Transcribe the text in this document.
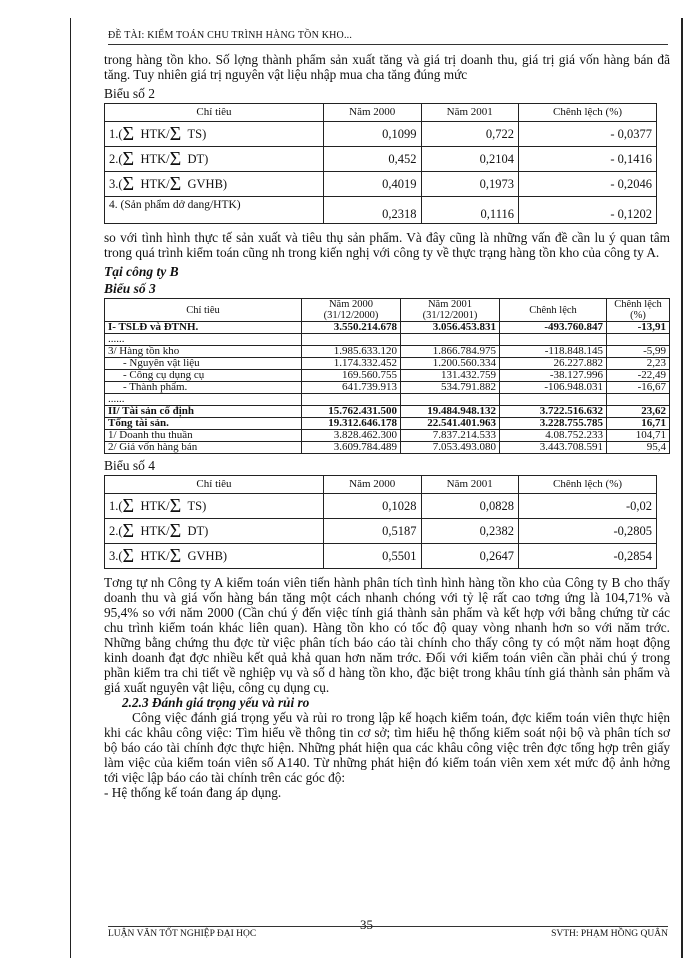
ĐỀ TÀI: KIỂM TOÁN CHU TRÌNH HÀNG TỒN KHO...

trong hàng tồn kho. Số lợng thành phẩm sản xuất tăng và giá trị doanh thu, giá trị giá vốn hàng bán đã tăng. Tuy nhiên giá trị nguyên vật liệu nhập mua cha tăng đúng mức

Biểu số 2
Chỉ tiêu	Năm 2000	Năm 2001	Chênh lệch (%)
1.(Σ HTK/Σ TS)	0,1099	0,722	- 0,0377
2.(Σ HTK/Σ DT)	0,452	0,2104	- 0,1416
3.(Σ HTK/Σ GVHB)	0,4019	0,1973	- 0,2046
4. (Sản phẩm dở dang/HTK)	0,2318	0,1116	- 0,1202

so với tình hình thực tế sản xuất và tiêu thụ sản phẩm. Và đây cũng là những vấn đề cần lu ý quan tâm trong quá trình kiểm toán cũng nh trong kiến nghị với công ty về thực trạng hàng tồn kho của công ty A.

Tại công ty B
Biểu số 3
Chỉ tiêu	Năm 2000 (31/12/2000)	Năm 2001 (31/12/2001)	Chênh lệch	Chênh lệch (%)
I- TSLĐ và ĐTNH.	3.550.214.678	3.056.453.831	-493.760.847	-13,91
......				
3/ Hàng tồn kho	1.985.633.120	1.866.784.975	-118.848.145	-5,99
- Nguyên vật liệu	1.174.332.452	1.200.560.334	26.227.882	2,23
- Công cụ dụng cụ	169.560.755	131.432.759	-38.127.996	-22,49
- Thành phẩm.	641.739.913	534.791.882	-106.948.031	-16,67
......				
II/ Tài sản cố định	15.762.431.500	19.484.948.132	3.722.516.632	23,62
Tổng tài sản.	19.312.646.178	22.541.401.963	3.228.755.785	16,71
1/ Doanh thu thuần	3.828.462.300	7.837.214.533	4.08.752.233	104,71
2/ Giá vốn hàng bán	3.609.784.489	7.053.493.080	3.443.708.591	95,4
Biểu số 4
Chỉ tiêu	Năm 2000	Năm 2001	Chênh lệch (%)
1.(Σ HTK/Σ TS)	0,1028	0,0828	-0,02
2.(Σ HTK/Σ DT)	0,5187	0,2382	-0,2805
3.(Σ HTK/Σ GVHB)	0,5501	0,2647	-0,2854

Tơng tự nh Công ty A kiểm toán viên tiến hành phân tích tình hình hàng tồn kho của Công ty B cho thấy doanh thu và giá vốn hàng bán tăng một cách nhanh chóng với tỷ lệ rất cao tơng ứng là 104,71% và 95,4% so với năm 2000 (Cần chú ý đến việc tính giá thành sản phẩm và kết hợp với bằng chứng từ các chu trình kiểm toán khác liên quan). Hàng tồn kho có tốc độ quay vòng nhanh hơn so với năm trớc. Những bằng chứng thu đợc từ việc phân tích báo cáo tài chính cho thấy công ty có một năm hoạt động kinh doanh đạt đợc nhiều kết quả khả quan hơn năm trớc. Đối với kiểm toán viên cần phải chú ý trong phần kiểm tra chi tiết về nghiệp vụ và số d hàng tồn kho, đặc biệt trong khâu tính giá thành sản phẩm và giá xuất nguyên vật liệu, công cụ dụng cụ.

2.2.3 Đánh giá trọng yếu và rủi ro

Công việc đánh giá trọng yếu và rủi ro trong lập kế hoạch kiểm toán, đợc kiểm toán viên thực hiện khi các khâu công việc: Tìm hiểu về thông tin cơ sở; tìm hiểu hệ thống kiểm soát nội bộ và phân tích sơ bộ báo cáo tài chính đợc thực hiện. Những phát hiện qua các khâu công việc trên đợc tổng hợp trên giấy làm việc của kiểm toán viên số A140. Từ những phát hiện đó kiểm toán viên xem xét mức độ ảnh hởng tới việc lập báo cáo tài chính trên các góc độ:

- Hệ thống kế toán đang áp dụng.

35
LUẬN VĂN TỐT NGHIỆP ĐẠI HỌC	SVTH: PHẠM HỒNG QUÂN
